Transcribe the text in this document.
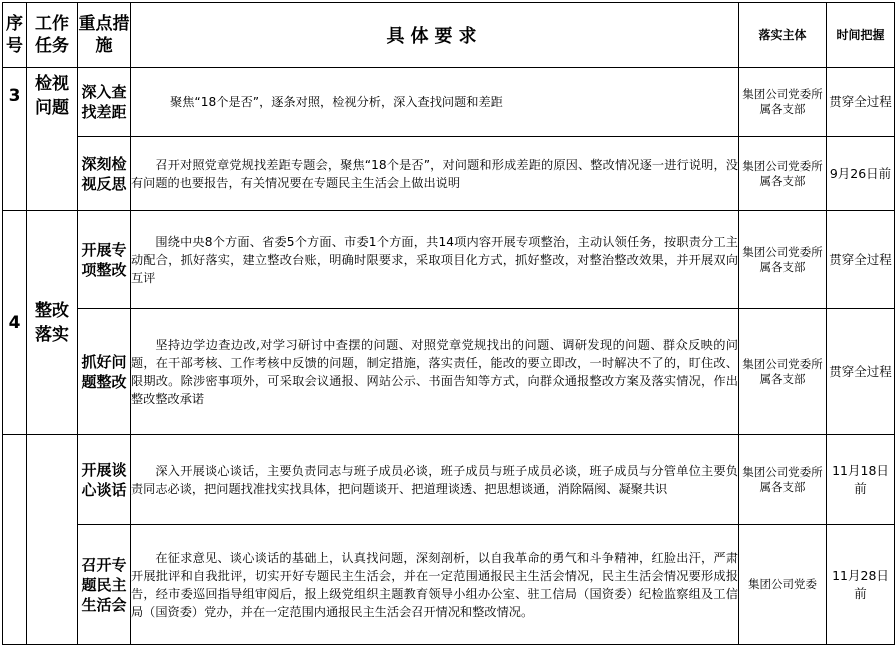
序号	工作任务	重点措施	具体要求	落实主体	时间把握
3	检视问题	深入查找差距	聚焦“18个是否”，逐条对照，检视分析，深入查找问题和差距	集团公司党委所属各支部	贯穿全过程
		深刻检视反思	召开对照党章党规找差距专题会，聚焦“18个是否”，对问题和形成差距的原因、整改情况逐一进行说明，没有问题的也要报告，有关情况要在专题民主生活会上做出说明	集团公司党委所属各支部	9月26日前
4	整改落实	开展专项整改	围绕中央8个方面、省委5个方面、市委1个方面，共14项内容开展专项整治，主动认领任务，按职责分工主动配合，抓好落实，建立整改台账，明确时限要求，采取项目化方式，抓好整改，对整治整改效果，并开展双向互评	集团公司党委所属各支部	贯穿全过程
		抓好问题整改	坚持边学边查边改,对学习研讨中查摆的问题、对照党章党规找出的问题、调研发现的问题、群众反映的问题，在干部考核、工作考核中反馈的问题，制定措施，落实责任，能改的要立即改，一时解决不了的，盯住改、限期改。除涉密事项外，可采取会议通报、网站公示、书面告知等方式，向群众通报整改方案及落实情况，作出整改整改承诺	集团公司党委所属各支部	贯穿全过程
		开展谈心谈话	深入开展谈心谈话，主要负责同志与班子成员必谈，班子成员与班子成员必谈，班子成员与分管单位主要负责同志必谈，把问题找准找实找具体，把问题谈开、把道理谈透、把思想谈通，消除隔阂、凝聚共识	集团公司党委所属各支部	11月18日前
		召开专题民主生活会	在征求意见、谈心谈话的基础上，认真找问题，深刻剖析，以自我革命的勇气和斗争精神，红脸出汗，严肃开展批评和自我批评，切实开好专题民主生活会，并在一定范围通报民主生活会情况，民主生活会情况要形成报告，经市委巡回指导组审阅后，报上级党组织主题教育领导小组办公室、驻工信局（国资委）纪检监察组及工信局（国资委）党办，并在一定范围内通报民主生活会召开情况和整改情况。	集团公司党委	11月28日前
